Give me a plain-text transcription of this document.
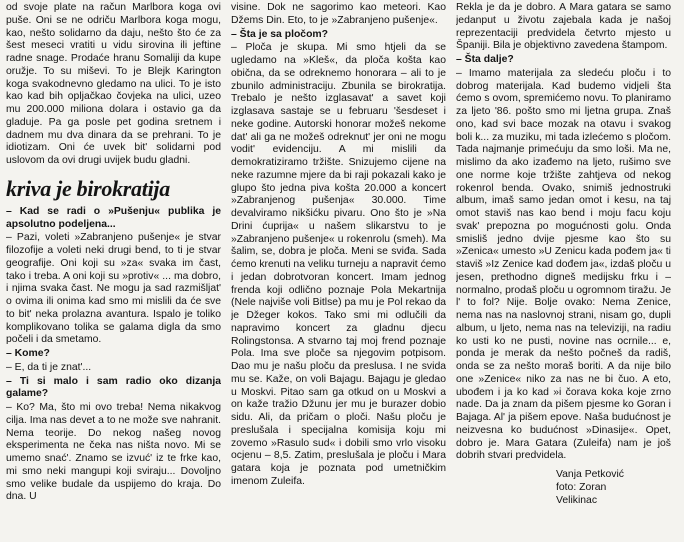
od svoje plate na račun Marlbora koga ovi puše. Oni se ne odriču Marlbora koga mogu, kao, nešto solidarno da daju, nešto što će za šest meseci vratiti u vidu sirovina ili jeftine radne snage. Prodaće hranu Somaliji da kupe oružje. To su miševi. To je Blejk Karington koga svakodnevno gledamo na ulici. To je isto kao kad bih opljačkao čovjeka na ulici, uzeo mu 200.000 miliona dolara i ostavio ga da gladuje. Pa ga posle pet godina sretnem i dadnem mu dva dinara da se prehrani. To je idiotizam. Oni će uvek bit' solidarni pod uslovom da ovi drugi uvijek budu gladni.

kriva je birokratija

– Kad se radi o »Pušenju« publika je apsolutno podeljena...

– Pazi, voleti »Zabranjeno pušenje« je stvar filozofije a voleti neki drugi bend, to ti je stvar geografije. Oni koji su »za« svaka im čast, tako i treba. A oni koji su »protiv« ... ma dobro, i njima svaka čast. Ne mogu ja sad razmišljat' o ovima ili onima kad smo mi mislili da će sve to bit' neka prolazna avantura. Ispalo je toliko komplikovano tolika se galama digla da smo počeli i da smetamo.

– Kome?

– E, da ti je znat'...

– Ti si malo i sam radio oko dizanja galame?

– Ko? Ma, što mi ovo treba! Nema nikakvog cilja. Ima nas devet a to ne može sve nahranit. Nema teorije. Do nekog našeg novog eksperimenta ne čeka nas ništa novo. Mi se umemo snać'. Znamo se izvuć' iz te frke kao, mi smo neki mangupi koji sviraju... Dovoljno smo velike budale da uspijemo do kraja. Do dna. U

visine. Dok ne sagorimo kao meteori. Kao Džems Din. Eto, to je »Zabranjeno pušenje«.

– Šta je sa pločom?

– Ploča je skupa. Mi smo htjeli da se ugledamo na »Kleš«, da ploča košta kao obična, da se odreknemo honorara – ali to je zbunilo administraciju. Zbunila se birokratija. Trebalo je nešto izglasavat' a savet koji izglasava sastaje se u februaru 'šesdeset i neke godine. Autorski honorar možeš nekome dat' ali ga ne možeš odreknut' jer oni ne mogu vodit' evidenciju. A mi mislili da demokratiziramo tržište. Snizujemo cijene na neke razumne mjere da bi raji pokazali kako je glupo što jedna piva košta 20.000 a koncert »Zabranjenog pušenja« 30.000. Time devalviramo nikšićku pivaru. Ono što je »Na Drini ćuprija« u našem slikarstvu to je »Zabranjeno pušenje« u rokenrolu (smeh). Ma šalim, se, dobra je ploča. Meni se sviđa. Sada ćemo krenuti na veliku turneju a napravit ćemo i jedan dobrotvoran koncert. Imam jednog frenda koji odlično poznaje Pola Mekartnija (Nele najviše voli Bitlse) pa mu je Pol rekao da je Džeger kokos. Tako smi mi odlučili da napravimo koncert za gladnu djecu Rolingstonsa. A stvarno taj moj frend poznaje Pola. Ima sve ploče sa njegovim potpisom. Dao mu je našu ploču da preslusa. I ne svida mu se. Kaže, on voli Bajagu. Bajagu je gledao u Moskvi. Pitao sam ga otkud on u Moskvi a on kaže tražio Džunu jer mu je burazer dobio sidu. Ali, da pričam o ploči. Našu ploču je preslušala i specijalna komisija koju mi zovemo »Rasulo sud« i dobili smo vrlo visoku ocjenu – 8,5. Zatim, preslušala je ploču i Mara gatara koja je poznata pod umetničkim imenom Zuleifa.

Rekla je da je dobro. A Mara gatara se samo jedanput u životu zajebala kada je našoj reprezentaciji predvidela četvrto mjesto u Španiji. Bila je objektivno zavedena štampom.

– Šta dalje?

– Imamo materijala za sledeću ploču i to dobrog materijala. Kad budemo vidjeli šta ćemo s ovom, spremićemo novu. To planiramo za ljeto '86. pošto smo mi ljetna grupa. Znaš ono, kad svi bace mozak na otavu i svakog boli k... za muziku, mi tada izlećemo s pločom. Tada najmanje primećuju da smo loši. Ma ne, mislimo da ako izađemo na ljeto, rušimo sve one norme koje tržište zahtjeva od nekog rokenrol benda. Ovako, snimiš jednostruki album, imaš samo jedan omot i kesu, na taj omot staviš nas kao bend i moju facu koju svak' prepozna po mogućnosti golu. Onda smisliš jedno dvije pjesme kao što su »Zenica« umesto »U Zenicu kada pođem ja« ti staviš »Iz Zenice kad dođem ja«, izdaš ploču u jesen, prethodno digneš medijsku frku i – normalno, prodaš ploču u ogromnom tiražu. Je l' to fol? Nije. Bolje ovako: Nema Zenice, nema nas na naslovnoj strani, nisam go, dupli album, u ljeto, nema nas na televiziji, na radiu ko usti ko ne pusti, novine nas ocrnile... e, ponda je merak da nešto počneš da radiš, onda se za nešto moraš boriti. A da nije bilo one »Zenice« niko za nas ne bi čuo. A eto, ubođem i ja ko kad »i čorava koka koje zrno nade. Da ja znam da pišem pjesme ko Goran i Bajaga. Al' ja pišem epove. Naša budućnost je neizvesna ko budućnost »Dinasije«. Opet, dobro je. Mara Gatara (Zuleifa) nam je još dobrih stvari predvidela.

Vanja Petković
foto: Zoran Velikinac
